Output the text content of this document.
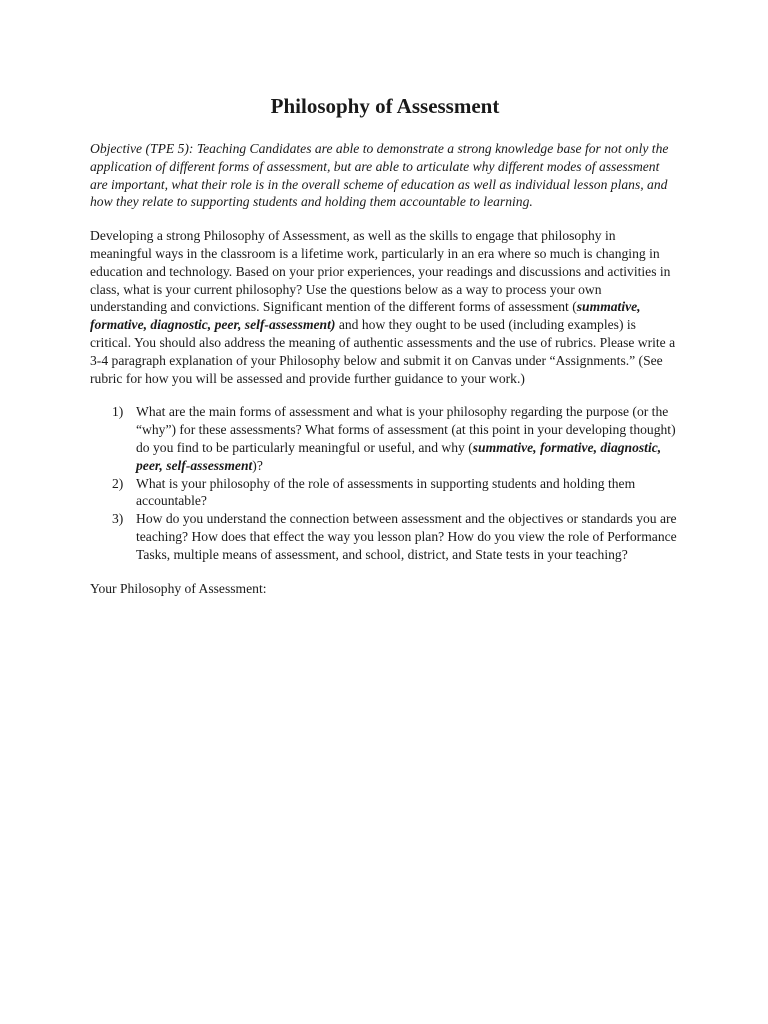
Philosophy of Assessment

Objective (TPE 5): Teaching Candidates are able to demonstrate a strong knowledge base for not only the application of different forms of assessment, but are able to articulate why different modes of assessment are important, what their role is in the overall scheme of education as well as individual lesson plans, and how they relate to supporting students and holding them accountable to learning.

Developing a strong Philosophy of Assessment, as well as the skills to engage that philosophy in meaningful ways in the classroom is a lifetime work, particularly in an era where so much is changing in education and technology. Based on your prior experiences, your readings and discussions and activities in class, what is your current philosophy? Use the questions below as a way to process your own understanding and convictions. Significant mention of the different forms of assessment (summative, formative, diagnostic, peer, self-assessment) and how they ought to be used (including examples) is critical. You should also address the meaning of authentic assessments and the use of rubrics. Please write a 3-4 paragraph explanation of your Philosophy below and submit it on Canvas under “Assignments.” (See rubric for how you will be assessed and provide further guidance to your work.)

1) What are the main forms of assessment and what is your philosophy regarding the purpose (or the “why”) for these assessments? What forms of assessment (at this point in your developing thought) do you find to be particularly meaningful or useful, and why (summative, formative, diagnostic, peer, self-assessment)?
2) What is your philosophy of the role of assessments in supporting students and holding them accountable?
3) How do you understand the connection between assessment and the objectives or standards you are teaching? How does that effect the way you lesson plan? How do you view the role of Performance Tasks, multiple means of assessment, and school, district, and State tests in your teaching?

Your Philosophy of Assessment:
